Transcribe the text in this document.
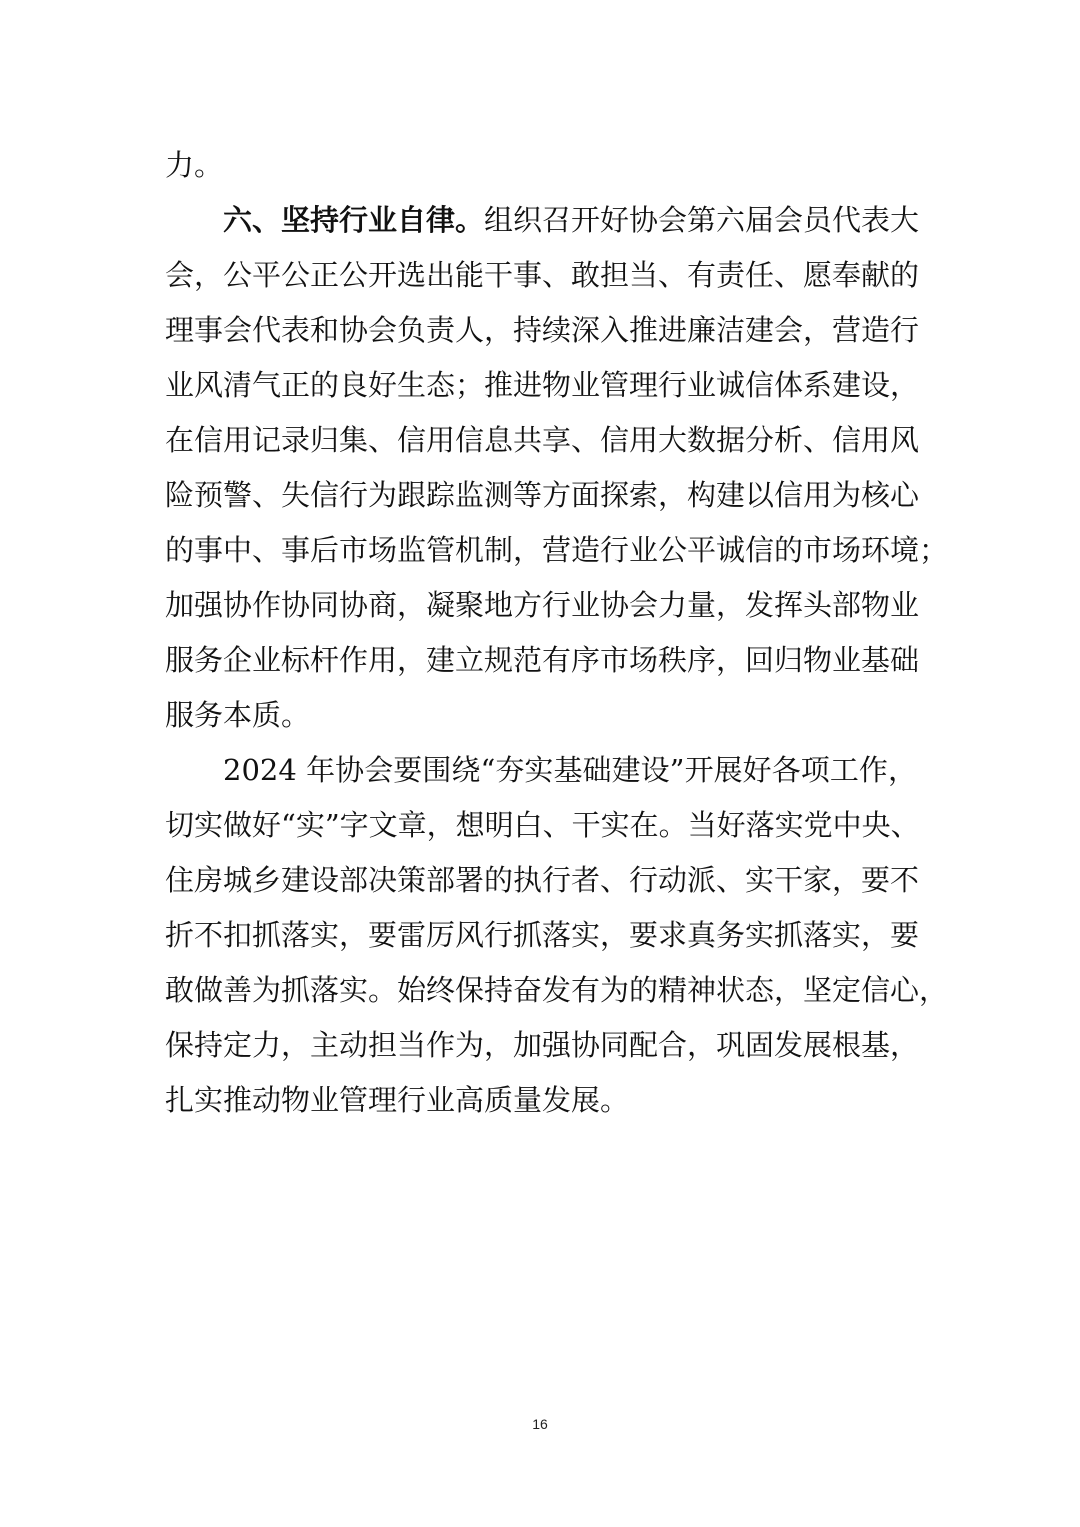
力。
六、坚持行业自律。组织召开好协会第六届会员代表大
会，公平公正公开选出能干事、敢担当、有责任、愿奉献的
理事会代表和协会负责人，持续深入推进廉洁建会，营造行
业风清气正的良好生态；推进物业管理行业诚信体系建设，
在信用记录归集、信用信息共享、信用大数据分析、信用风
险预警、失信行为跟踪监测等方面探索，构建以信用为核心
的事中、事后市场监管机制，营造行业公平诚信的市场环境；
加强协作协同协商，凝聚地方行业协会力量，发挥头部物业
服务企业标杆作用，建立规范有序市场秩序，回归物业基础
服务本质。
2024 年协会要围绕“夯实基础建设”开展好各项工作，
切实做好“实”字文章，想明白、干实在。当好落实党中央、
住房城乡建设部决策部署的执行者、行动派、实干家，要不
折不扣抓落实，要雷厉风行抓落实，要求真务实抓落实，要
敢做善为抓落实。始终保持奋发有为的精神状态，坚定信心，
保持定力，主动担当作为，加强协同配合，巩固发展根基，
扎实推动物业管理行业高质量发展。
16
